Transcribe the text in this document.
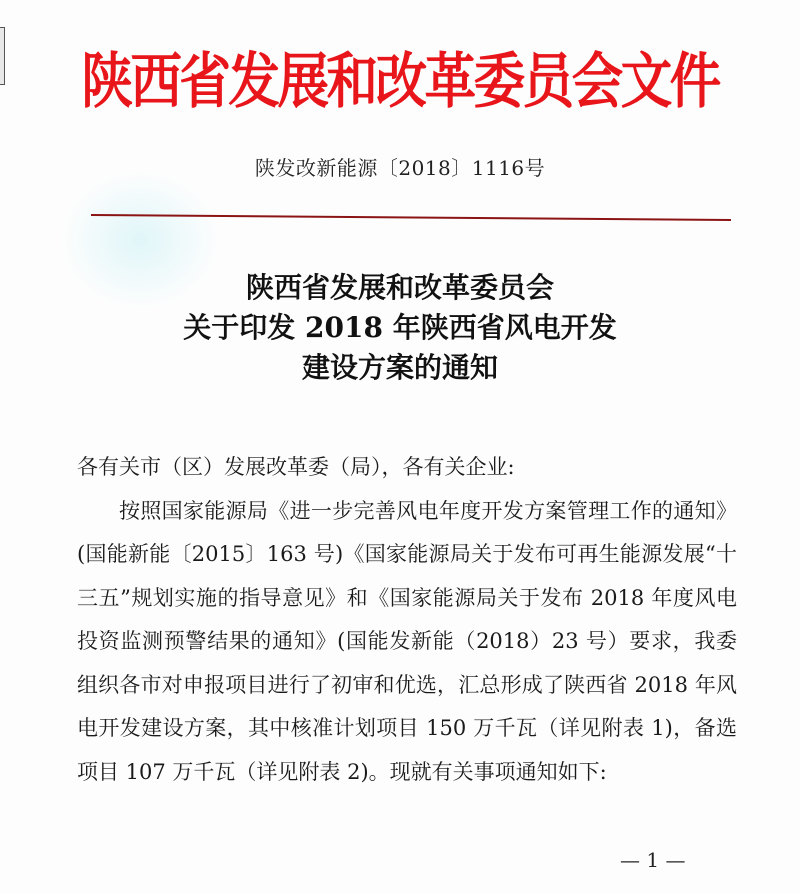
陕西省发展和改革委员会文件
陕发改新能源〔2018〕1116号
陕西省发展和改革委员会
关于印发 2018 年陕西省风电开发
建设方案的通知

各有关市（区）发展改革委（局），各有关企业:

按照国家能源局《进一步完善风电年度开发方案管理工作的通知》(国能新能〔2015〕163 号)《国家能源局关于发布可再生能源发展“十三五”规划实施的指导意见》和《国家能源局关于发布 2018 年度风电投资监测预警结果的通知》(国能发新能（2018）23 号）要求，我委组织各市对申报项目进行了初审和优选，汇总形成了陕西省 2018 年风电开发建设方案，其中核准计划项目 150 万千瓦（详见附表 1)，备选项目 107 万千瓦（详见附表 2)。现就有关事项通知如下:

— 1 —
